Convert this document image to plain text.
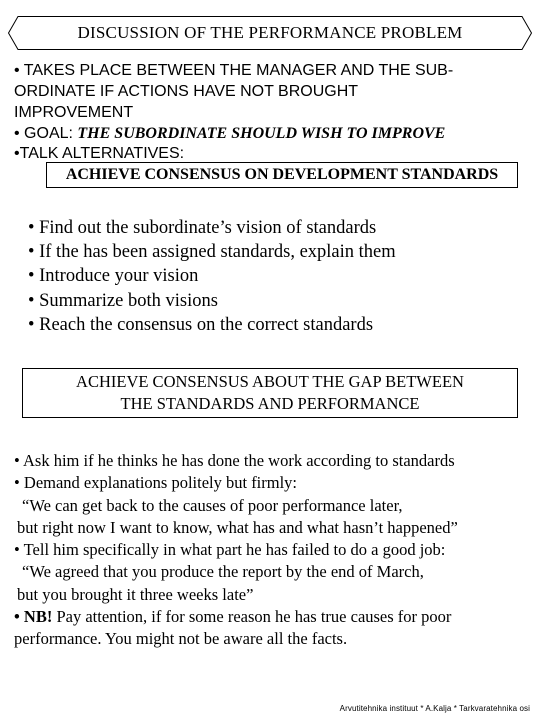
DISCUSSION OF THE PERFORMANCE PROBLEM

• TAKES PLACE BETWEEN THE MANAGER AND THE SUB-

ORDINATE IF ACTIONS HAVE NOT BROUGHT

IMPROVEMENT

• GOAL: THE SUBORDINATE SHOULD WISH TO IMPROVE

•TALK ALTERNATIVES:
ACHIEVE CONSENSUS ON DEVELOPMENT STANDARDS
• Find out the subordinate’s vision of standards
• If the has been assigned standards, explain them
• Introduce your vision
• Summarize both visions
• Reach the consensus on the correct standards
ACHIEVE CONSENSUS ABOUT THE GAP BETWEEN
THE STANDARDS AND PERFORMANCE
• Ask him if he thinks he has done the work according to standards
• Demand explanations politely but firmly:
“We can get back to the causes of poor performance later,
but right now I want to know, what has and what hasn’t happened”
• Tell him specifically in what part he has failed to do a good job:
“We agreed that you produce the report by the end of March,
but you brought it three weeks late”
• NB! Pay attention, if for some reason he has true causes for poor
performance. You might not be aware all the facts.
Arvutitehnika instituut * A.Kalja * Tarkvaratehnika osi
